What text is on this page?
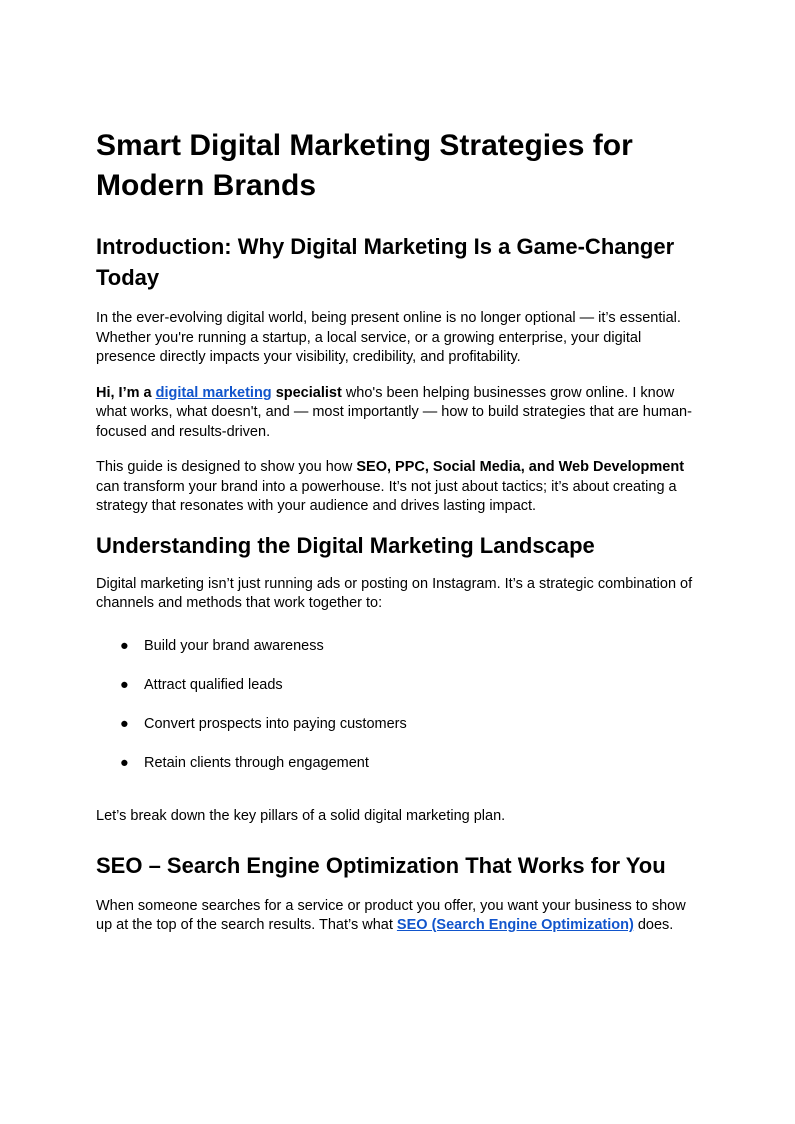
Smart Digital Marketing Strategies for Modern Brands
Introduction: Why Digital Marketing Is a Game-Changer Today

In the ever-evolving digital world, being present online is no longer optional — it’s essential. Whether you're running a startup, a local service, or a growing enterprise, your digital presence directly impacts your visibility, credibility, and profitability.

Hi, I’m a digital marketing specialist who's been helping businesses grow online. I know what works, what doesn't, and — most importantly — how to build strategies that are human-focused and results-driven.

This guide is designed to show you how SEO, PPC, Social Media, and Web Development can transform your brand into a powerhouse. It’s not just about tactics; it’s about creating a strategy that resonates with your audience and drives lasting impact.

Understanding the Digital Marketing Landscape

Digital marketing isn’t just running ads or posting on Instagram. It’s a strategic combination of channels and methods that work together to:

● Build your brand awareness
● Attract qualified leads
● Convert prospects into paying customers
● Retain clients through engagement

Let’s break down the key pillars of a solid digital marketing plan.

SEO – Search Engine Optimization That Works for You

When someone searches for a service or product you offer, you want your business to show up at the top of the search results. That’s what SEO (Search Engine Optimization) does.
